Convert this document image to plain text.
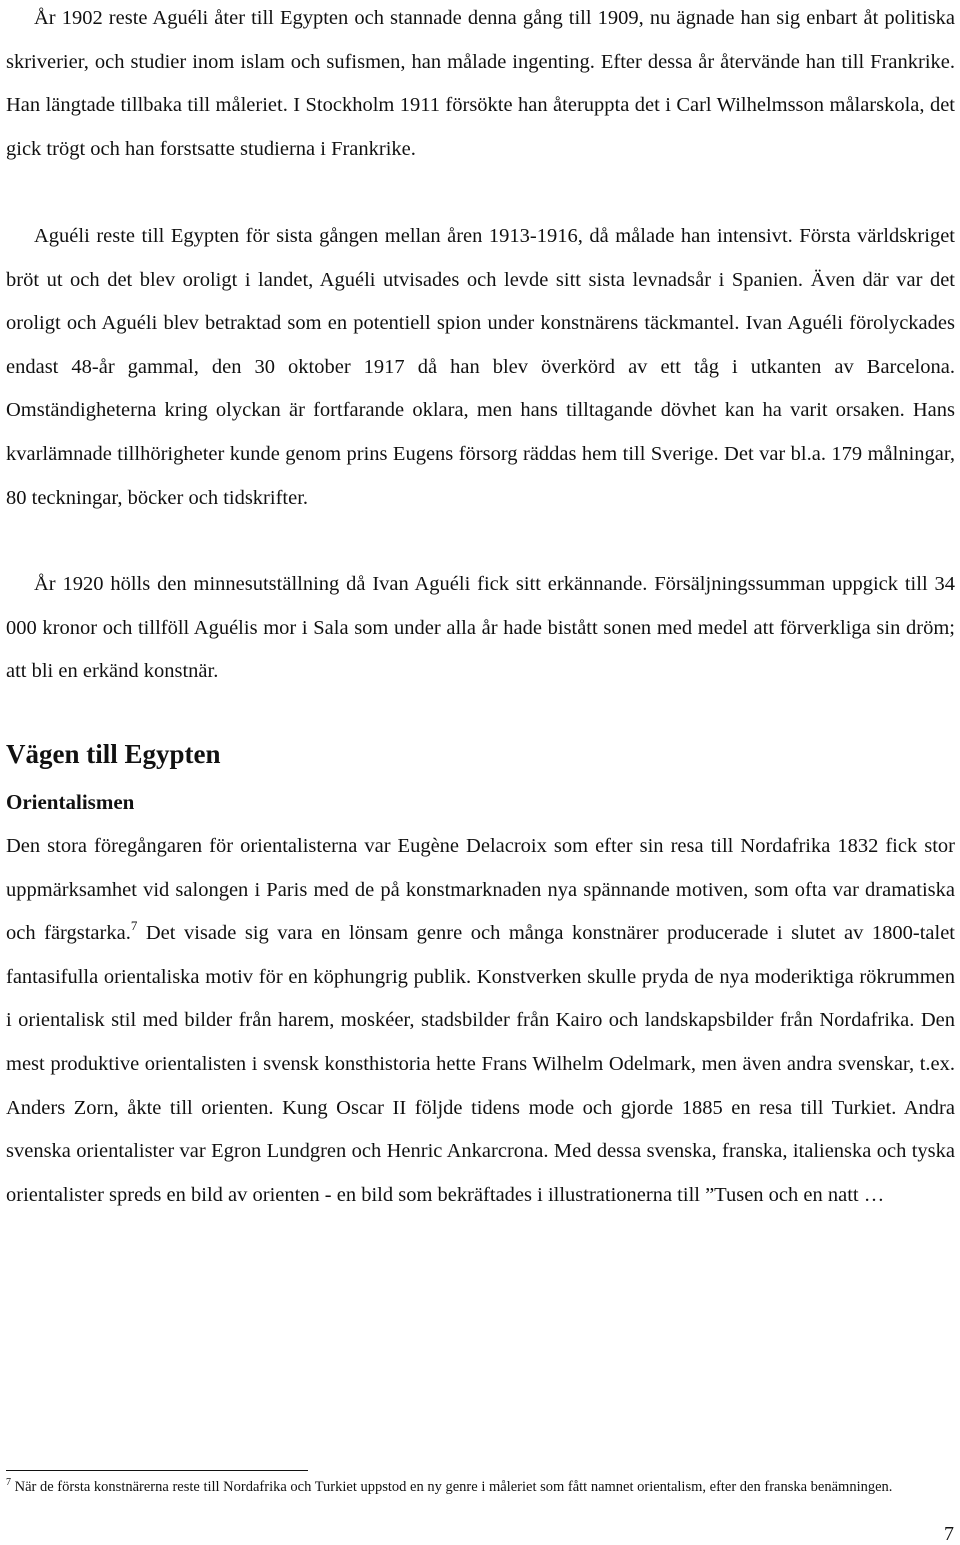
År 1902 reste Aguéli åter till Egypten och stannade denna gång till 1909, nu ägnade han sig enbart åt politiska skriverier, och studier inom islam och sufismen, han målade ingenting. Efter dessa år återvände han till Frankrike. Han längtade tillbaka till måleriet. I Stockholm 1911 försökte han återuppta det i Carl Wilhelmsson målarskola, det gick trögt och han forstsatte studierna i Frankrike.

Aguéli reste till Egypten för sista gången mellan åren 1913-1916, då målade han intensivt. Första världskriget bröt ut och det blev oroligt i landet, Aguéli utvisades och levde sitt sista levnadsår i Spanien. Även där var det oroligt och Aguéli blev betraktad som en potentiell spion under konstnärens täckmantel. Ivan Aguéli förolyckades endast 48-år gammal, den 30 oktober 1917 då han blev överkörd av ett tåg i utkanten av Barcelona. Omständigheterna kring olyckan är fortfarande oklara, men hans tilltagande dövhet kan ha varit orsaken. Hans kvarlämnade tillhörigheter kunde genom prins Eugens försorg räddas hem till Sverige. Det var bl.a. 179 målningar, 80 teckningar, böcker och tidskrifter.

År 1920 hölls den minnesutställning då Ivan Aguéli fick sitt erkännande. Försäljningssumman uppgick till 34 000 kronor och tillföll Aguélis mor i Sala som under alla år hade bistått sonen med medel att förverkliga sin dröm; att bli en erkänd konstnär.

Vägen till Egypten
Orientalismen

Den stora föregångaren för orientalisterna var Eugène Delacroix som efter sin resa till Nordafrika 1832 fick stor uppmärksamhet vid salongen i Paris med de på konstmarknaden nya spännande motiven, som ofta var dramatiska och färgstarka.$^7$ Det visade sig vara en lönsam genre och många konstnärer producerade i slutet av 1800-talet fantasifulla orientaliska motiv för en köphungrig publik. Konstverken skulle pryda de nya moderiktiga rökrummen i orientalisk stil med bilder från harem, moskéer, stadsbilder från Kairo och landskapsbilder från Nordafrika. Den mest produktive orientalisten i svensk konsthistoria hette Frans Wilhelm Odelmark, men även andra svenskar, t.ex. Anders Zorn, åkte till orienten. Kung Oscar II följde tidens mode och gjorde 1885 en resa till Turkiet. Andra svenska orientalister var Egron Lundgren och Henric Ankarcrona. Med dessa svenska, franska, italienska och tyska orientalister spreds en bild av orienten - en bild som bekräftades i illustrationerna till ”Tusen och en natt …

$^7$ När de första konstnärerna reste till Nordafrika och Turkiet uppstod en ny genre i måleriet som fått namnet orientalism, efter den franska benämningen.

7
